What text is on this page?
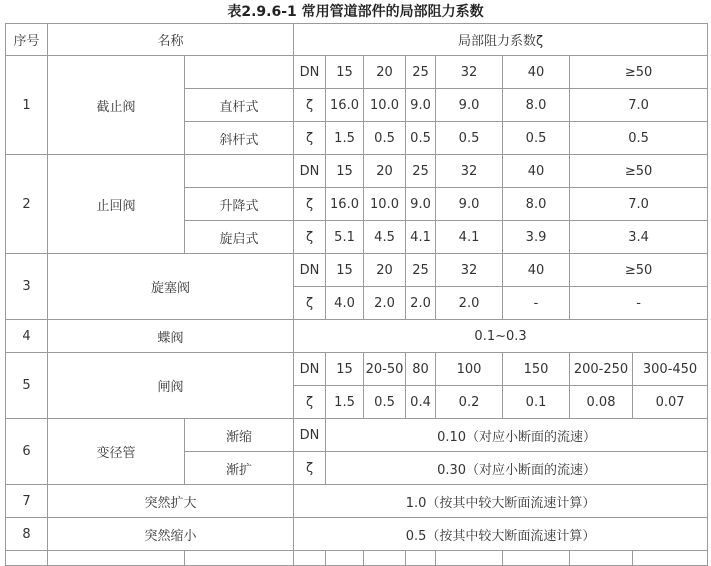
表2.9.6-1 常用管道部件的局部阻力系数
序号	名称		局部阻力系数ζ							
1	截止阀		DN	15	20	25	32	40	≥50	
		直杆式	ζ	16.0	10.0	9.0	9.0	8.0	7.0	
		斜杆式	ζ	1.5	0.5	0.5	0.5	0.5	0.5	
2	止回阀		DN	15	20	25	32	40	≥50	
		升降式	ζ	16.0	10.0	9.0	9.0	8.0	7.0	
		旋启式	ζ	5.1	4.5	4.1	4.1	3.9	3.4	
3	旋塞阀		DN	15	20	25	32	40	≥50	
			ζ	4.0	2.0	2.0	2.0	-	-	
4	蝶阀		0.1~0.3							
5	闸阀		DN	15	20-50	80	100	150	200-250	300-450
			ζ	1.5	0.5	0.4	0.2	0.1	0.08	0.07
6	变径管	渐缩	DN	0.10（对应小断面的流速）						
		渐扩	ζ	0.30（对应小断面的流速）						
7	突然扩大		1.0（按其中较大断面流速计算）							
8	突然缩小		0.5（按其中较大断面流速计算）							
